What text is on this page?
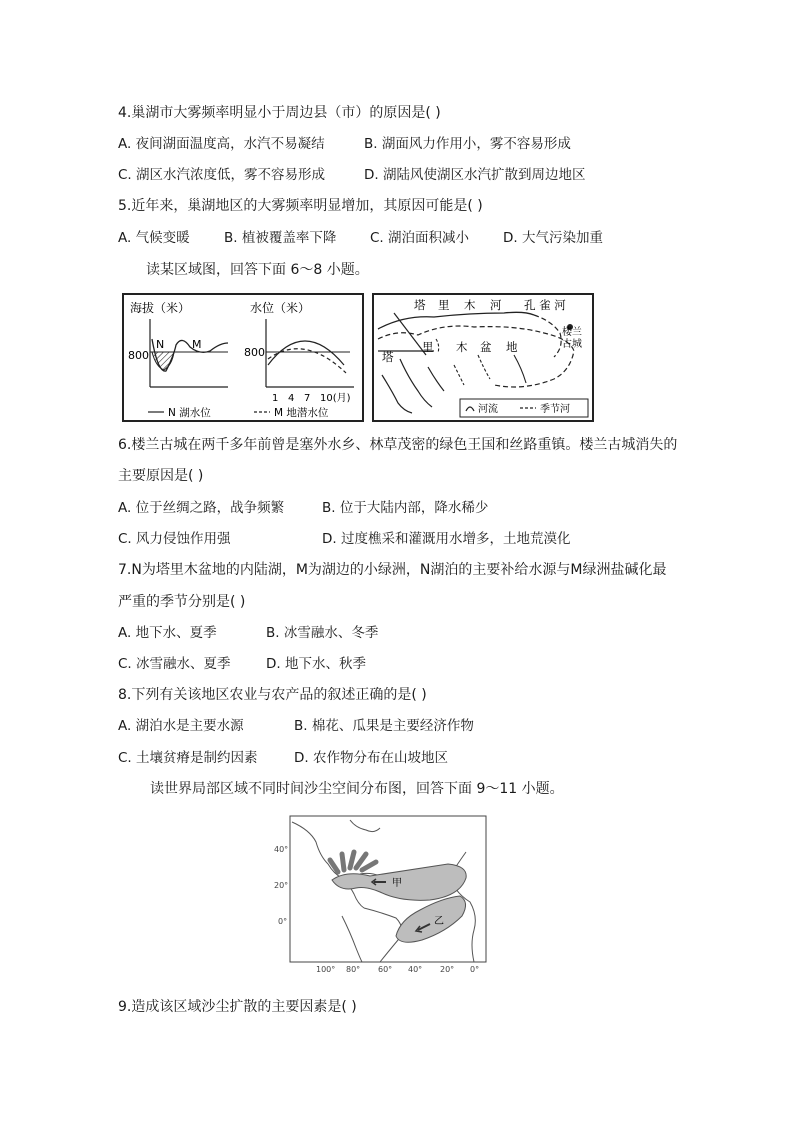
4.巢湖市大雾频率明显小于周边县（市）的原因是( )
A. 夜间湖面温度高，水汽不易凝结	B. 湖面风力作用小，雾不容易形成
C. 湖区水汽浓度低，雾不容易形成	D. 湖陆风使湖区水汽扩散到周边地区
5.近年来，巢湖地区的大雾频率明显增加，其原因可能是( )
A. 气候变暖	B. 植被覆盖率下降 C. 湖泊面积减小	D. 大气污染加重
读某区域图，回答下面 6～8 小题。
海拔（米）
800
N	M
水位（米）
800
1 4 7 10(月)
N 湖水位	M 地潜水位
塔 里 木 河 孔 雀 河
楼兰古城
塔
里 木 盆 地
河流	季节河
6.楼兰古城在两千多年前曾是塞外水乡、林草茂密的绿色王国和丝路重镇。楼兰古城消失的
主要原因是( )
A. 位于丝绸之路，战争频繁	B. 位于大陆内部，降水稀少
C. 风力侵蚀作用强	D. 过度樵采和灌溉用水增多，土地荒漠化
7.N为塔里木盆地的内陆湖，M为湖边的小绿洲，N湖泊的主要补给水源与M绿洲盐碱化最
严重的季节分别是( )
A. 地下水、夏季	B. 冰雪融水、冬季
C. 冰雪融水、夏季	D. 地下水、秋季
8.下列有关该地区农业与农产品的叙述正确的是( )
A. 湖泊水是主要水源	B. 棉花、瓜果是主要经济作物
C. 土壤贫瘠是制约因素	D. 农作物分布在山坡地区
读世界局部区域不同时间沙尘空间分布图，回答下面 9～11 小题。
甲
乙
40°
20°
0°
100° 80° 60° 40° 20° 0°
9.造成该区域沙尘扩散的主要因素是( )
